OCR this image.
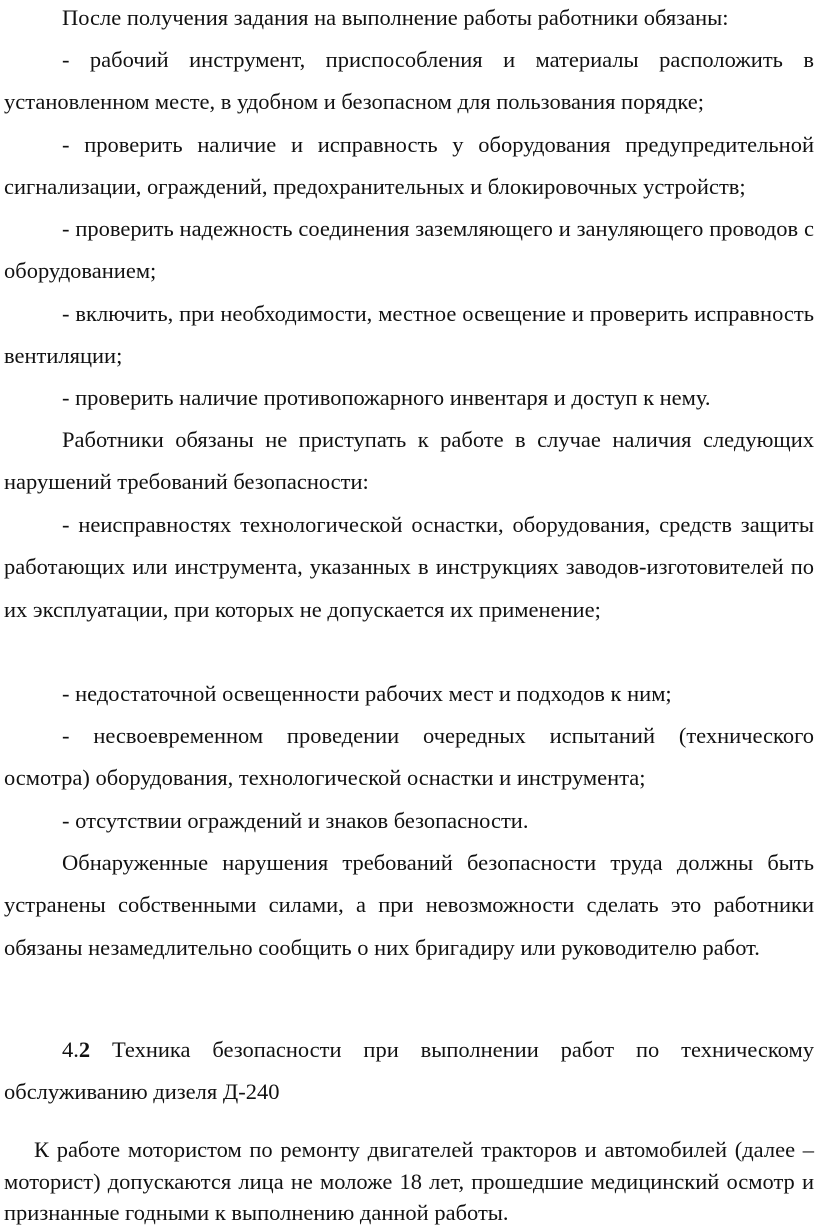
После получения задания на выполнение работы работники обязаны:

- рабочий инструмент, приспособления и материалы расположить в установленном месте, в удобном и безопасном для пользования порядке;

- проверить наличие и исправность у оборудования предупредительной сигнализации, ограждений, предохранительных и блокировочных устройств;

- проверить надежность соединения заземляющего и зануляющего проводов с оборудованием;

- включить, при необходимости, местное освещение и проверить исправность вентиляции;

- проверить наличие противопожарного инвентаря и доступ к нему.

Работники обязаны не приступать к работе в случае наличия следующих нарушений требований безопасности:

- неисправностях технологической оснастки, оборудования, средств защиты работающих или инструмента, указанных в инструкциях заводов-изготовителей по их эксплуатации, при которых не допускается их применение;

- недостаточной освещенности рабочих мест и подходов к ним;

- несвоевременном проведении очередных испытаний (технического осмотра) оборудования, технологической оснастки и инструмента;

- отсутствии ограждений и знаков безопасности.

Обнаруженные нарушения требований безопасности труда должны быть устранены собственными силами, а при невозможности сделать это работники обязаны незамедлительно сообщить о них бригадиру или руководителю работ.

4.2 Техника безопасности при выполнении работ по техническому обслуживанию дизеля Д-240

К работе мотористом по ремонту двигателей тракторов и автомобилей (далее – моторист) допускаются лица не моложе 18 лет, прошедшие медицинский осмотр и признанные годными к выполнению данной работы.
